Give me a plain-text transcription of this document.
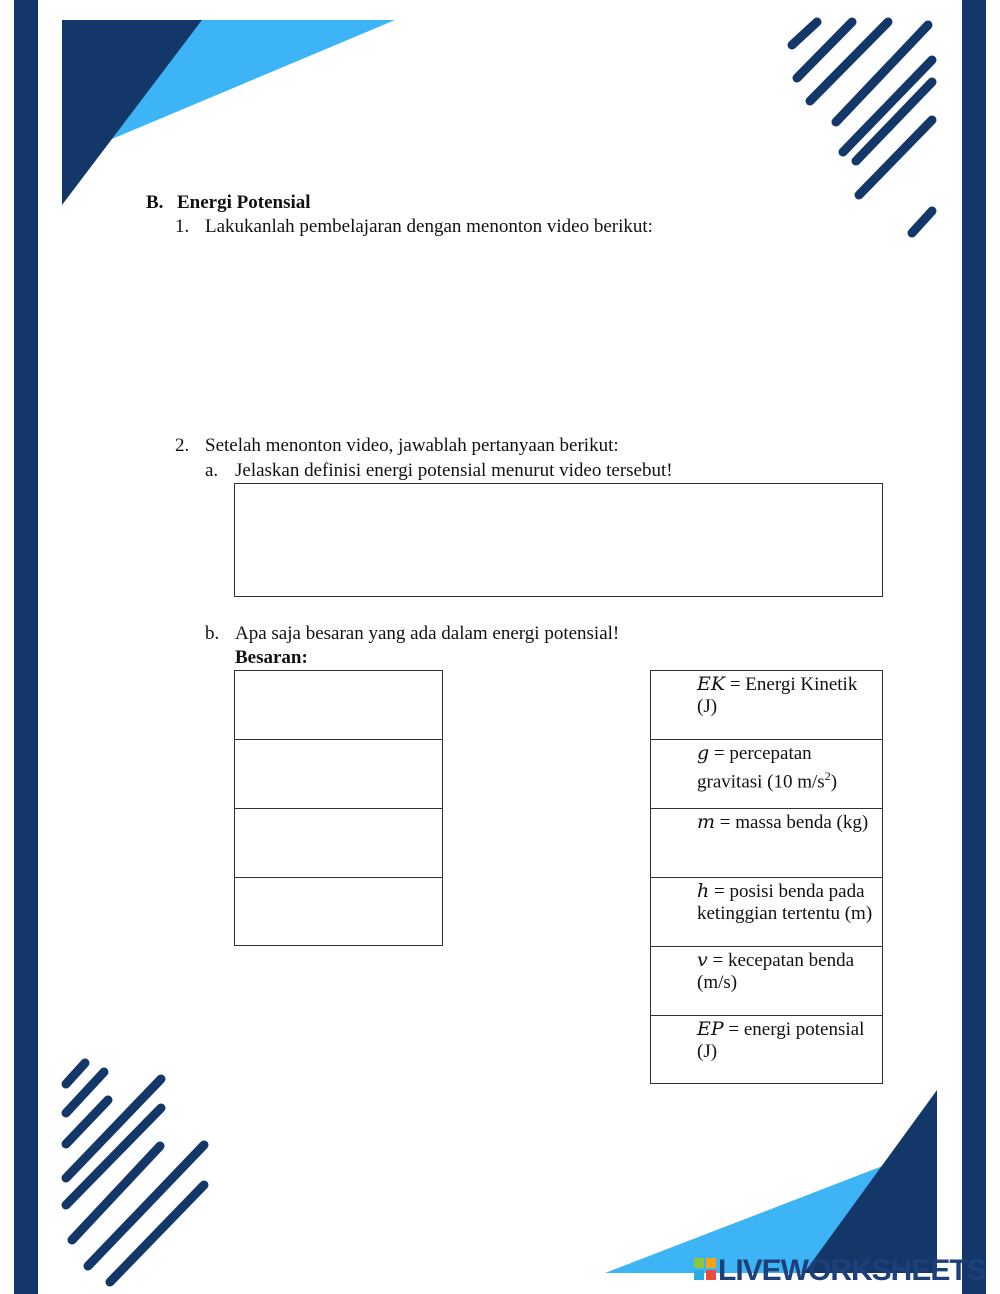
B. Energi Potensial
1. Lakukanlah pembelajaran dengan menonton video berikut:
2. Setelah menonton video, jawablah pertanyaan berikut:
a. Jelaskan definisi energi potensial menurut video tersebut!
b. Apa saja besaran yang ada dalam energi potensial!
Besaran:
EK = Energi Kinetik (J)
g = percepatan gravitasi (10 $m/s^2$)
m = massa benda (kg)
h = posisi benda pada ketinggian tertentu (m)
v = kecepatan benda (m/s)
EP = energi potensial (J)
LIVEWORKSHEETS
